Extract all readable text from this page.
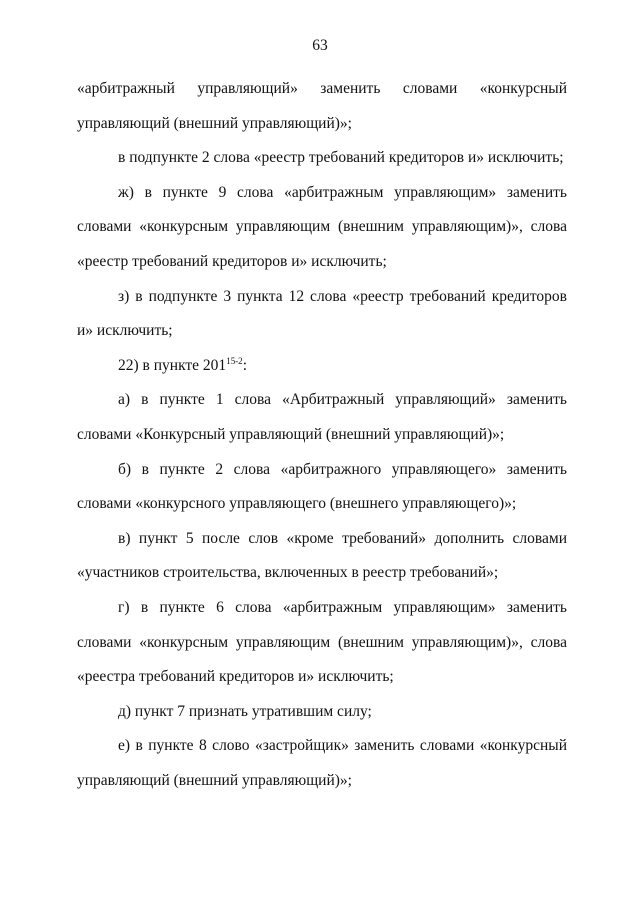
63

«арбитражный управляющий» заменить словами «конкурсный управляющий (внешний управляющий)»;

в подпункте 2 слова «реестр требований кредиторов и» исключить;

ж) в пункте 9 слова «арбитражным управляющим» заменить словами «конкурсным управляющим (внешним управляющим)», слова «реестр требований кредиторов и» исключить;

з) в подпункте 3 пункта 12 слова «реестр требований кредиторов и» исключить;

22) в пункте 201$^{15-2}$:

а) в пункте 1 слова «Арбитражный управляющий» заменить словами «Конкурсный управляющий (внешний управляющий)»;

б) в пункте 2 слова «арбитражного управляющего» заменить словами «конкурсного управляющего (внешнего управляющего)»;

в) пункт 5 после слов «кроме требований» дополнить словами «участников строительства, включенных в реестр требований»;

г) в пункте 6 слова «арбитражным управляющим» заменить словами «конкурсным управляющим (внешним управляющим)», слова «реестра требований кредиторов и» исключить;

д) пункт 7 признать утратившим силу;

е) в пункте 8 слово «застройщик» заменить словами «конкурсный управляющий (внешний управляющий)»;
